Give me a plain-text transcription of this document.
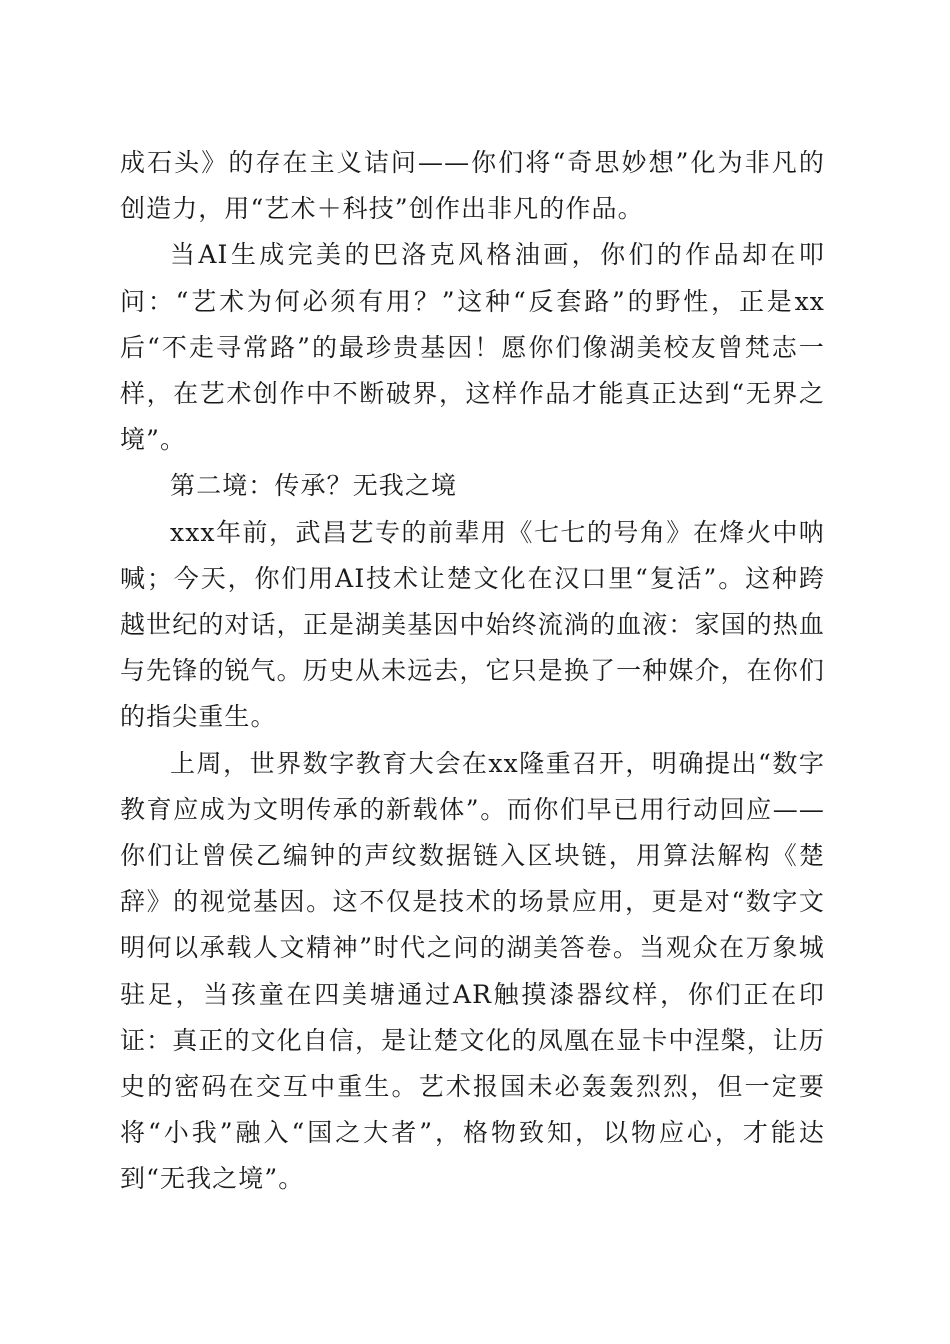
成石头》的存在主义诘问——你们将“奇思妙想”化为非凡的创造力，用“艺术＋科技”创作出非凡的作品。

当AI生成完美的巴洛克风格油画，你们的作品却在叩问：“艺术为何必须有用？”这种“反套路”的野性，正是xx后“不走寻常路”的最珍贵基因！愿你们像湖美校友曾梵志一样，在艺术创作中不断破界，这样作品才能真正达到“无界之境”。

第二境：传承？无我之境

xxx年前，武昌艺专的前辈用《七七的号角》在烽火中呐喊；今天，你们用AI技术让楚文化在汉口里“复活”。这种跨越世纪的对话，正是湖美基因中始终流淌的血液：家国的热血与先锋的锐气。历史从未远去，它只是换了一种媒介，在你们的指尖重生。

上周，世界数字教育大会在xx隆重召开，明确提出“数字教育应成为文明传承的新载体”。而你们早已用行动回应——你们让曾侯乙编钟的声纹数据链入区块链，用算法解构《楚辞》的视觉基因。这不仅是技术的场景应用，更是对“数字文明何以承载人文精神”时代之问的湖美答卷。当观众在万象城驻足，当孩童在四美塘通过AR触摸漆器纹样，你们正在印证：真正的文化自信，是让楚文化的凤凰在显卡中涅槃，让历史的密码在交互中重生。艺术报国未必轰轰烈烈，但一定要将“小我”融入“国之大者”，格物致知，以物应心，才能达到“无我之境”。
